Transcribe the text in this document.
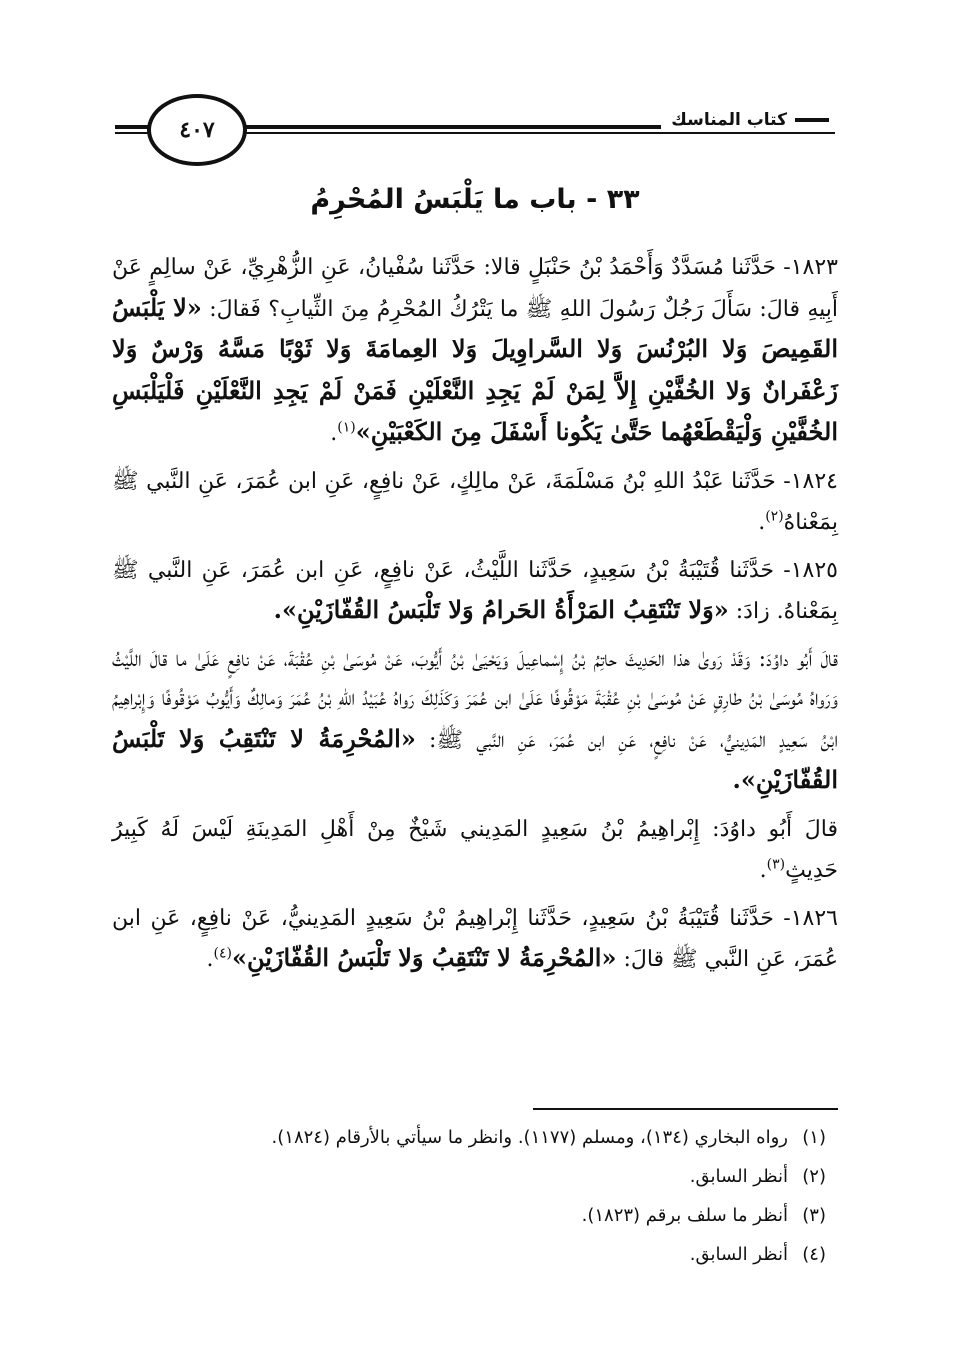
٤٠٧	كتاب المناسك
٣٣ - باب ما يَلْبَسُ المُحْرِمُ

١٨٢٣- حَدَّثَنا مُسَدَّدٌ وَأَحْمَدُ بْنُ حَنْبَلٍ قالا: حَدَّثَنا سُفْيانُ، عَنِ الزُّهْرِيِّ، عَنْ سالِمٍ عَنْ أَبِيهِ قالَ: سَأَلَ رَجُلٌ رَسُولَ اللهِ ﷺ ما يَتْرُكُ المُحْرِمُ مِنَ الثِّيابِ؟ فَقالَ: «لا يَلْبَسُ القَمِيصَ وَلا البُرْنُسَ وَلا السَّراوِيلَ وَلا العِمامَةَ وَلا ثَوْبًا مَسَّهُ وَرْسٌ وَلا زَعْفَرانٌ وَلا الخُفَّيْنِ إِلاَّ لِمَنْ لَمْ يَجِدِ النَّعْلَيْنِ فَمَنْ لَمْ يَجِدِ النَّعْلَيْنِ فَلْيَلْبَسِ الخُفَّيْنِ وَلْيَقْطَعْهُما حَتَّىٰ يَكُونا أَسْفَلَ مِنَ الكَعْبَيْنِ»$^{(١)}$.

١٨٢٤- حَدَّثَنا عَبْدُ اللهِ بْنُ مَسْلَمَةَ، عَنْ مالِكٍ، عَنْ نافِعٍ، عَنِ ابن عُمَرَ، عَنِ النَّبي ﷺ بِمَعْناهُ$^{(٢)}$.

١٨٢٥- حَدَّثَنا قُتَيْبَةُ بْنُ سَعِيدٍ، حَدَّثَنا اللَّيْثُ، عَنْ نافِعٍ، عَنِ ابن عُمَرَ، عَنِ النَّبي ﷺ بِمَعْناهُ. زادَ: «وَلا تَنْتَقِبُ المَرْأَةُ الحَرامُ وَلا تَلْبَسُ القُفّازَيْنِ».

قالَ أَبُو داوُدَ: وَقَدْ رَوىٰ هذا الحَدِيثَ حاتِمُ بْنُ إِسْماعِيلَ وَيَحْيَىٰ بْنُ أَيُّوبَ، عَنْ مُوسَىٰ بْنِ عُقْبَةَ، عَنْ نافِعٍ عَلَىٰ ما قالَ اللَّيْثُ وَرَواهُ مُوسَىٰ بْنُ طارِقٍ عَنْ مُوسَىٰ بْنِ عُقْبَةَ مَوْقُوفًا عَلَىٰ ابن عُمَرَ وَكَذَلِكَ رَواهُ عُبَيْدُ اللهِ بْنُ عُمَرَ وَمالِكٌ وَأَيُّوبُ مَوْقُوفًا وَإِبْراهِيمُ ابْنُ سَعِيدٍ المَدِينيُّ، عَنْ نافِعٍ، عَنِ ابن عُمَرَ، عَنِ النَّبي ﷺ: «المُحْرِمَةُ لا تَنْتَقِبُ وَلا تَلْبَسُ القُفّازَيْنِ».

قالَ أَبُو داوُدَ: إِبْراهِيمُ بْنُ سَعِيدٍ المَدِيني شَيْخٌ مِنْ أَهْلِ المَدِينَةِ لَيْسَ لَهُ كَبِيرُ حَدِيثٍ$^{(٣)}$.

١٨٢٦- حَدَّثَنا قُتَيْبَةُ بْنُ سَعِيدٍ، حَدَّثَنا إِبْراهِيمُ بْنُ سَعِيدٍ المَدِينيُّ، عَنْ نافِعٍ، عَنِ ابن عُمَرَ، عَنِ النَّبي ﷺ قالَ: «المُحْرِمَةُ لا تَنْتَقِبُ وَلا تَلْبَسُ القُفّازَيْنِ»$^{(٤)}$.

(١)رواه البخاري (١٣٤)، ومسلم (١١٧٧). وانظر ما سيأتي بالأرقام (١٨٢٤).
(٢)أنظر السابق.
(٣)أنظر ما سلف برقم (١٨٢٣).
(٤)أنظر السابق.
